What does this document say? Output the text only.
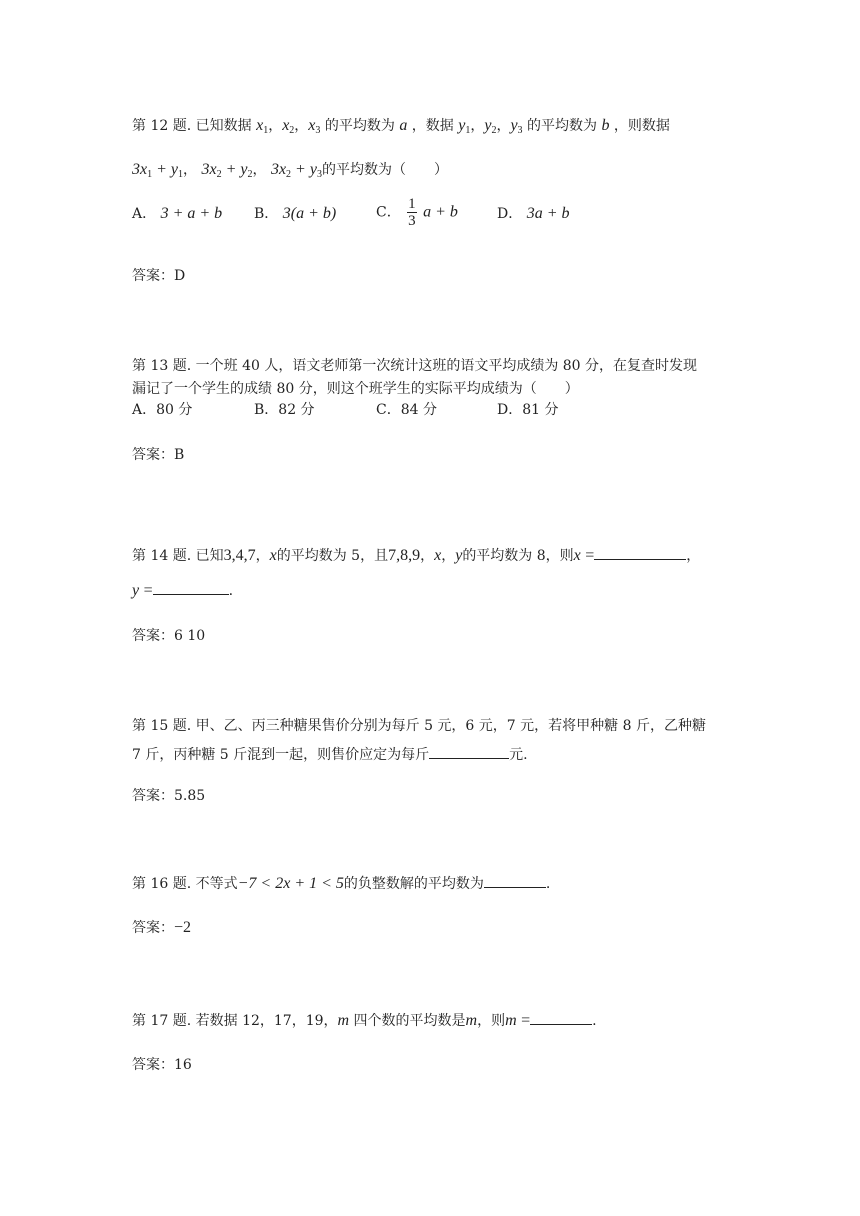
第 12 题. 已知数据 $x_1$，$x_2$，$x_3$ 的平均数为 a ，数据 $y_1$，$y_2$，$y_3$ 的平均数为 b ，则数据
$3x_1 + y_1$， $3x_2 + y_2$， $3x_2 + y_3$的平均数为（　　）
A． 3 + a + b B． 3(a + b)	C． $\frac{1}{3}$ a + b	D． 3a + b
答案：D
第 13 题. 一个班 40 人，语文老师第一次统计这班的语文平均成绩为 80 分，在复查时发现
漏记了一个学生的成绩 80 分，则这个班学生的实际平均成绩为（　　）
A．80 分	B．82 分	C．84 分	D．81 分
答案：B
第 14 题. 已知3,4,7，x的平均数为 5，且7,8,9，x，y的平均数为 8，则x =	，
y =	.
答案：6 10
第 15 题. 甲、乙、丙三种糖果售价分别为每斤 5 元，6 元，7 元，若将甲种糖 8 斤，乙种糖
7 斤，丙种糖 5 斤混到一起，则售价应定为每斤	元.
答案：5.85
第 16 题. 不等式−7 < 2x + 1 < 5的负整数解的平均数为	.
答案：−2
第 17 题. 若数据 12，17，19，m 四个数的平均数是m，则m =	.
答案：16
